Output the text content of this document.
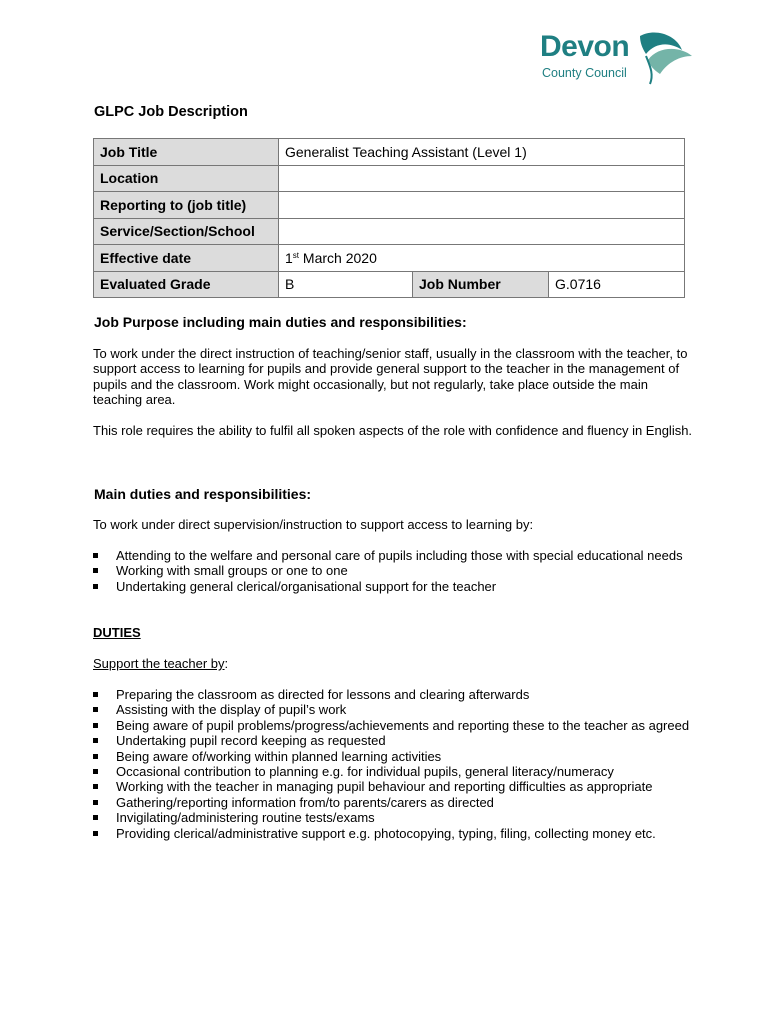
Devon
County Council
GLPC Job Description
Job Title	Generalist Teaching Assistant (Level 1)		
Location			
Reporting to (job title)			
Service/Section/School			
Effective date	1st March 2020		
Evaluated Grade	B	Job Number	G.0716
Job Purpose including main duties and responsibilities:
To work under the direct instruction of teaching/senior staff, usually in the classroom with the teacher, to support access to learning for pupils and provide general support to the teacher in the management of pupils and the classroom. Work might occasionally, but not regularly, take place outside the main teaching area.
This role requires the ability to fulfil all spoken aspects of the role with confidence and fluency in English.
Main duties and responsibilities:
To work under direct supervision/instruction to support access to learning by:
Attending to the welfare and personal care of pupils including those with special educational needs
Working with small groups or one to one
Undertaking general clerical/organisational support for the teacher
DUTIES
Support the teacher by:
Preparing the classroom as directed for lessons and clearing afterwards
Assisting with the display of pupil’s work
Being aware of pupil problems/progress/achievements and reporting these to the teacher as agreed
Undertaking pupil record keeping as requested
Being aware of/working within planned learning activities
Occasional contribution to planning e.g. for individual pupils, general literacy/numeracy
Working with the teacher in managing pupil behaviour and reporting difficulties as appropriate
Gathering/reporting information from/to parents/carers as directed
Invigilating/administering routine tests/exams
Providing clerical/administrative support e.g. photocopying, typing, filing, collecting money etc.
